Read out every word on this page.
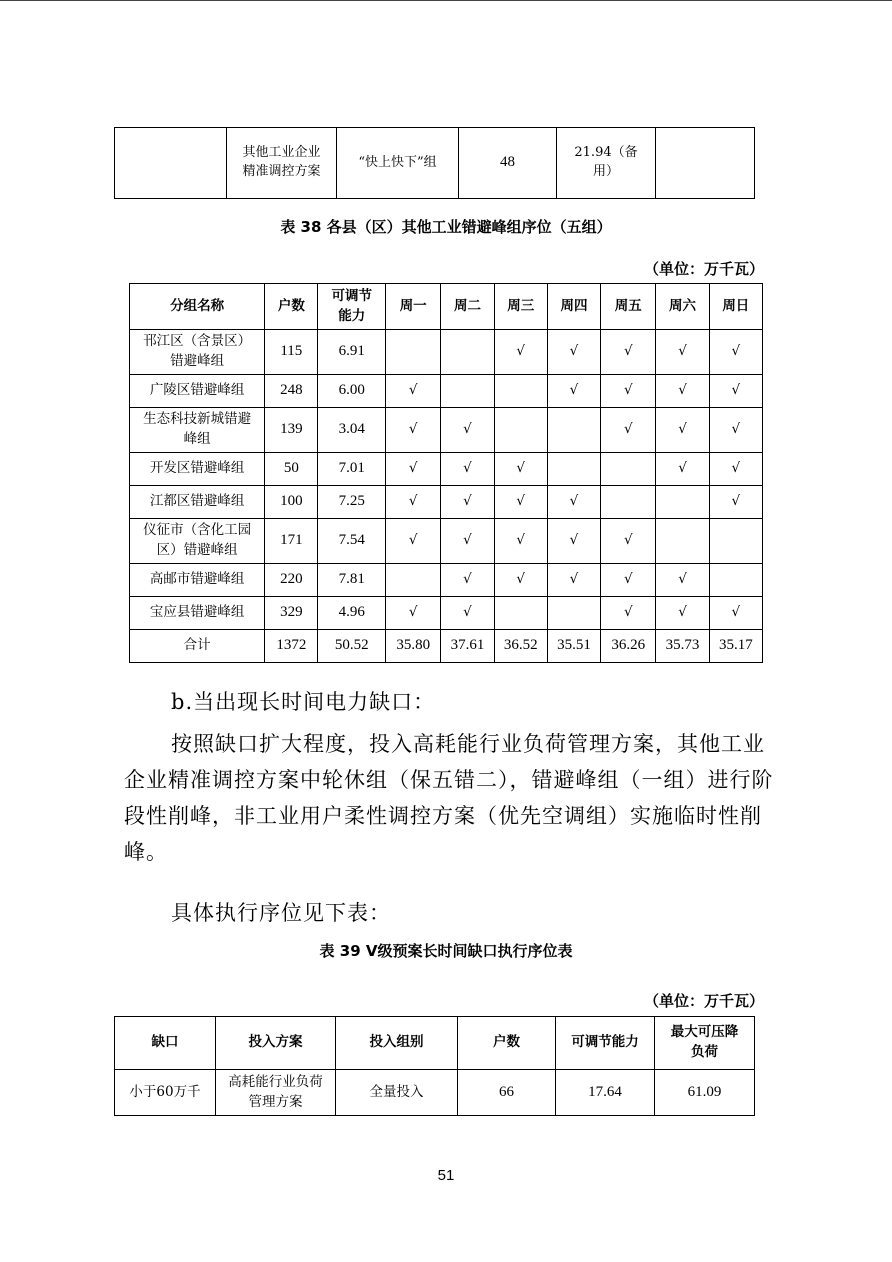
	其他工业企业精准调控方案	“快上快下”组	48	21.94（备用）	
表 38 各县（区）其他工业错避峰组序位（五组）
（单位：万千瓦）
分组名称	户数	可调节能力	周一	周二	周三	周四	周五	周六	周日
邗江区（含景区）错避峰组	115	6.91			√	√	√	√	√
广陵区错避峰组	248	6.00	√			√	√	√	√
生态科技新城错避峰组	139	3.04	√	√			√	√	√
开发区错避峰组	50	7.01	√	√	√			√	√
江都区错避峰组	100	7.25	√	√	√	√			√
仪征市（含化工园区）错避峰组	171	7.54	√	√	√	√	√		
高邮市错避峰组	220	7.81		√	√	√	√	√	
宝应县错避峰组	329	4.96	√	√			√	√	√
合计	1372	50.52	35.80	37.61	36.52	35.51	36.26	35.73	35.17

b.当出现长时间电力缺口：

按照缺口扩大程度，投入高耗能行业负荷管理方案，其他工业企业精准调控方案中轮休组（保五错二），错避峰组（一组）进行阶段性削峰，非工业用户柔性调控方案（优先空调组）实施临时性削峰。

具体执行序位见下表：

表 39 Ⅴ级预案长时间缺口执行序位表
（单位：万千瓦）
缺口	投入方案	投入组别	户数	可调节能力	最大可压降负荷
小于60万千	高耗能行业负荷管理方案	全量投入	66	17.64	61.09
51
